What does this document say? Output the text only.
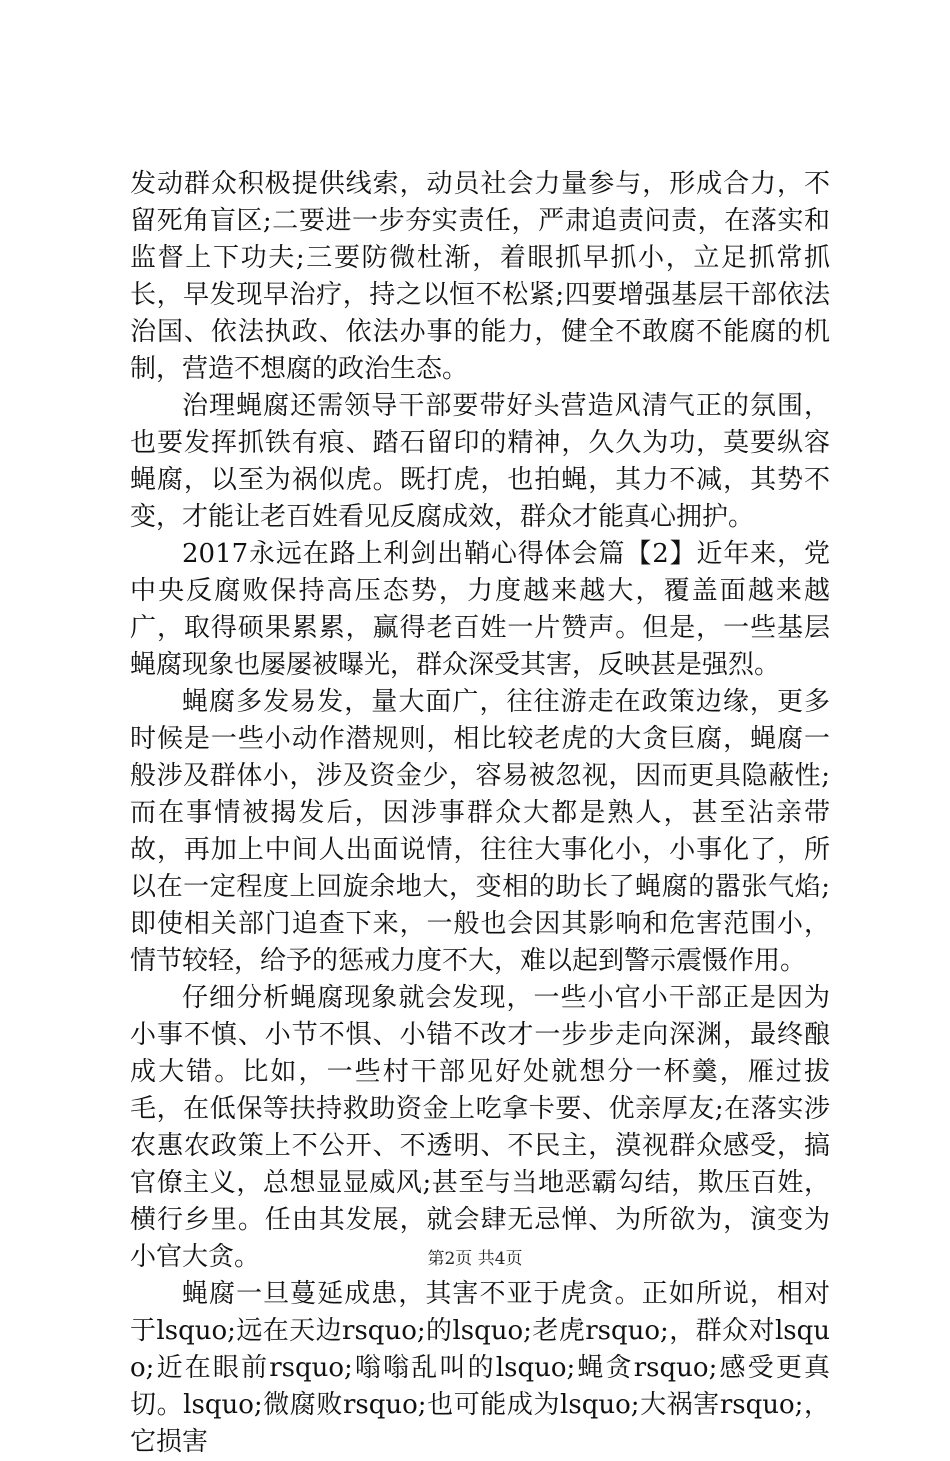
发动群众积极提供线索，动员社会力量参与，形成合力，不留死角盲区;二要进一步夯实责任，严肃追责问责，在落实和监督上下功夫;三要防微杜渐，着眼抓早抓小，立足抓常抓长，早发现早治疗，持之以恒不松紧;四要增强基层干部依法治国、依法执政、依法办事的能力，健全不敢腐不能腐的机制，营造不想腐的政治生态。

治理蝇腐还需领导干部要带好头营造风清气正的氛围，也要发挥抓铁有痕、踏石留印的精神，久久为功，莫要纵容蝇腐，以至为祸似虎。既打虎，也拍蝇，其力不减，其势不变，才能让老百姓看见反腐成效，群众才能真心拥护。

2017永远在路上利剑出鞘心得体会篇【2】近年来，党中央反腐败保持高压态势，力度越来越大，覆盖面越来越广，取得硕果累累，赢得老百姓一片赞声。但是，一些基层蝇腐现象也屡屡被曝光，群众深受其害，反映甚是强烈。

蝇腐多发易发，量大面广，往往游走在政策边缘，更多时候是一些小动作潜规则，相比较老虎的大贪巨腐，蝇腐一般涉及群体小，涉及资金少，容易被忽视，因而更具隐蔽性;而在事情被揭发后，因涉事群众大都是熟人，甚至沾亲带故，再加上中间人出面说情，往往大事化小，小事化了，所以在一定程度上回旋余地大，变相的助长了蝇腐的嚣张气焰;即使相关部门追查下来，一般也会因其影响和危害范围小，情节较轻，给予的惩戒力度不大，难以起到警示震慑作用。

仔细分析蝇腐现象就会发现，一些小官小干部正是因为小事不慎、小节不惧、小错不改才一步步走向深渊，最终酿成大错。比如，一些村干部见好处就想分一杯羹，雁过拔毛，在低保等扶持救助资金上吃拿卡要、优亲厚友;在落实涉农惠农政策上不公开、不透明、不民主，漠视群众感受，搞官僚主义，总想显显威风;甚至与当地恶霸勾结，欺压百姓，横行乡里。任由其发展，就会肆无忌惮、为所欲为，演变为小官大贪。

蝇腐一旦蔓延成患，其害不亚于虎贪。正如所说，相对于lsquo;远在天边rsquo;的lsquo;老虎rsquo;，群众对lsquo;近在眼前rsquo;嗡嗡乱叫的lsquo;蝇贪rsquo;感受更真切。lsquo;微腐败rsquo;也可能成为lsquo;大祸害rsquo;，它损害

第2页 共4页
